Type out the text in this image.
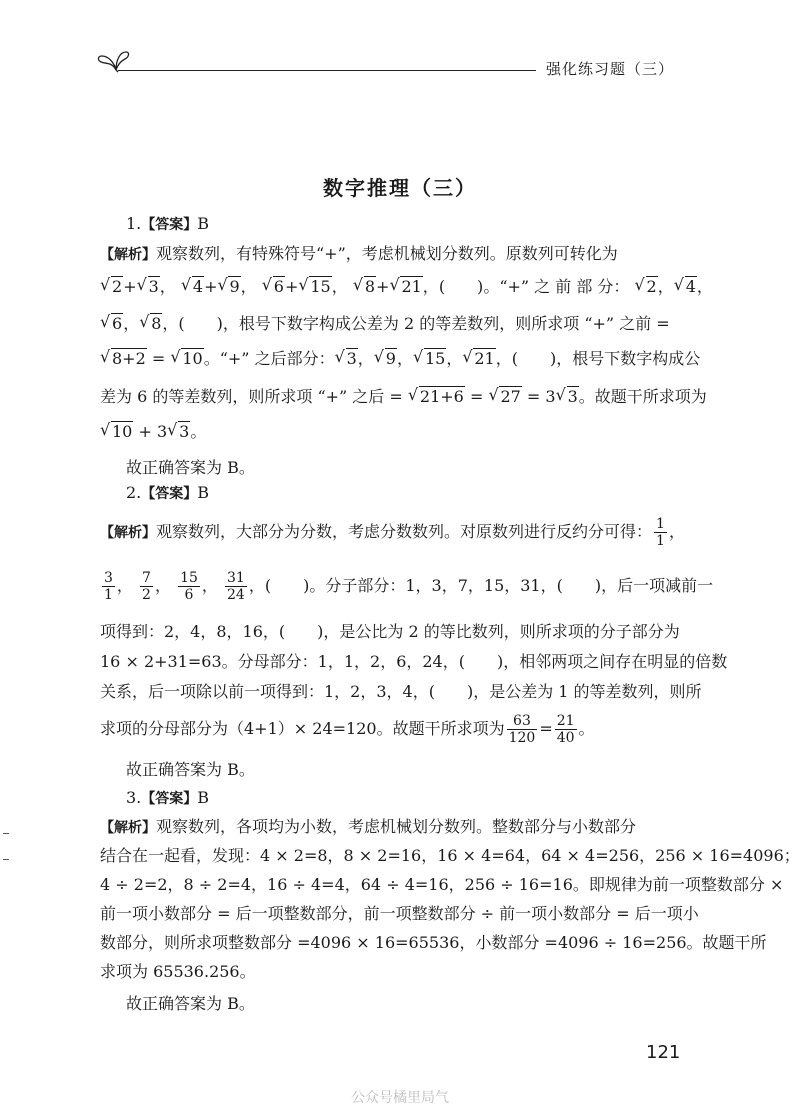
强化练习题（三）
数字推理（三）
1.【答案】B
【解析】观察数列，有特殊符号“+”，考虑机械划分数列。原数列可转化为
√ 2+ √ 3， √ 4+ √ 9， √ 6+ √ 15， √ 8+ √ 21，(　　)。“+” 之 前 部 分： √ 2， √ 4，
√ 6， √ 8，(　　)，根号下数字构成公差为 2 的等差数列，则所求项 “+” 之前 =
√ 8+2 = √ 10。“+” 之后部分： √ 3， √ 9， √ 15， √ 21，(　　)，根号下数字构成公
差为 6 的等差数列，则所求项 “+” 之后 = √ 21+6 = √ 27 = 3 √ 3。故题干所求项为
√ 10 + 3 √ 3。
故正确答案为 B。
2.【答案】B
【解析】观察数列，大部分为分数，考虑分数数列。对原数列进行反约分可得： $\frac{1}{1}$ ，
$\frac{3}{1}$ ， $\frac{7}{2}$ ， $\frac{15}{6}$ ， $\frac{31}{24}$ ，(　　)。分子部分：1，3，7，15，31，(　　)，后一项减前一
项得到：2，4，8，16，(　　)，是公比为 2 的等比数列，则所求项的分子部分为
16 × 2+31=63。分母部分：1，1，2，6，24，(　　)，相邻两项之间存在明显的倍数
关系，后一项除以前一项得到：1，2，3，4，(　　)，是公差为 1 的等差数列，则所
求项的分母部分为（4+1）× 24=120。故题干所求项为 $\frac{63}{120} = \frac{21}{40}$ 。
故正确答案为 B。
3.【答案】B
【解析】观察数列，各项均为小数，考虑机械划分数列。整数部分与小数部分
结合在一起看，发现：4 × 2=8，8 × 2=16，16 × 4=64，64 × 4=256，256 × 16=4096；
4 ÷ 2=2，8 ÷ 2=4，16 ÷ 4=4，64 ÷ 4=16，256 ÷ 16=16。即规律为前一项整数部分 ×
前一项小数部分 = 后一项整数部分，前一项整数部分 ÷ 前一项小数部分 = 后一项小
数部分，则所求项整数部分 =4096 × 16=65536，小数部分 =4096 ÷ 16=256。故题干所
求项为 65536.256。
故正确答案为 B。
121
公众号橘里局气
